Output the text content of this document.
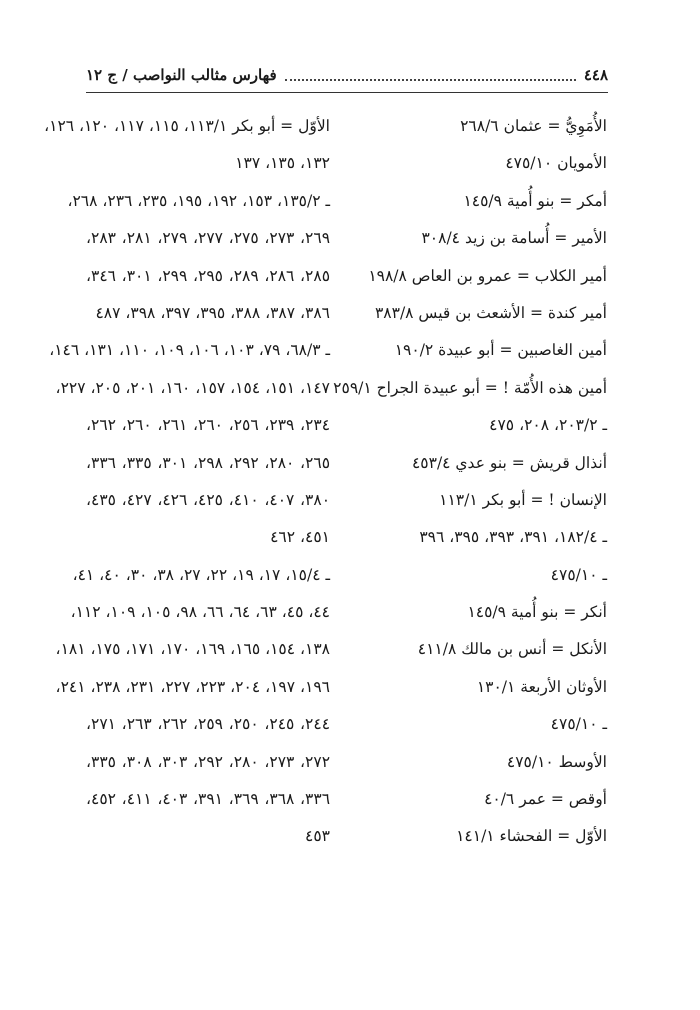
٤٤٨
فهارس مثالب النواصب / ج ١٢
الأُمَوِيُّ = عثمان ٢٦٨/٦
الأمويان ٤٧٥/١٠
أمكر = بنو أُمية ١٤٥/٩
الأمير = أُسامة بن زيد ٣٠٨/٤
أمير الكلاب = عمرو بن العاص ١٩٨/٨
أمير كندة = الأشعث بن قيس ٣٨٣/٨
أمين الغاصبين = أبو عبيدة ١٩٠/٢
أمين هذه الأُمّة ! = أبو عبيدة الجراح ٢٥٩/١
ـ ٢٠٣/٢، ٢٠٨، ٤٧٥
أنذال قريش = بنو عدي ٤٥٣/٤
الإنسان ! = أبو بكر ١١٣/١
ـ ١٨٢/٤، ٣٩١، ٣٩٣، ٣٩٥، ٣٩٦
ـ ٤٧٥/١٠
أنكر = بنو أُمية ١٤٥/٩
الأنكل = أنس بن مالك ٤١١/٨
الأوثان الأربعة ١٣٠/١
ـ ٤٧٥/١٠
الأوسط ٤٧٥/١٠
أوقص = عمر ٤٠/٦
الأوّل = الفحشاء ١٤١/١
الأوّل = أبو بكر ١١٣/١، ١١٥، ١١٧، ١٢٠، ١٢٦،
١٣٢، ١٣٥، ١٣٧
ـ ١٣٥/٢، ١٥٣، ١٩٢، ١٩٥، ٢٣٥، ٢٣٦، ٢٦٨،
٢٦٩، ٢٧٣، ٢٧٥، ٢٧٧، ٢٧٩، ٢٨١، ٢٨٣،
٢٨٥، ٢٨٦، ٢٨٩، ٢٩٥، ٢٩٩، ٣٠١، ٣٤٦،
٣٨٦، ٣٨٧، ٣٨٨، ٣٩٥، ٣٩٧، ٣٩٨، ٤٨٧
ـ ٦٨/٣، ٧٩، ١٠٣، ١٠٦، ١٠٩، ١١٠، ١٣١، ١٤٦،
١٤٧، ١٥١، ١٥٤، ١٥٧، ١٦٠، ٢٠١، ٢٠٥، ٢٢٧،
٢٣٤، ٢٣٩، ٢٥٦، ٢٦٠، ٢٦١، ٢٦٠، ٢٦٢،
٢٦٥، ٢٨٠، ٢٩٢، ٢٩٨، ٣٠١، ٣٣٥، ٣٣٦،
٣٨٠، ٤٠٧، ٤١٠، ٤٢٥، ٤٢٦، ٤٢٧، ٤٣٥،
٤٥١، ٤٦٢
ـ ١٥/٤، ١٧، ١٩، ٢٢، ٢٧، ٣٨، ٣٠، ٤٠، ٤١،
٤٤، ٤٥، ٦٣، ٦٤، ٦٦، ٩٨، ١٠٥، ١٠٩، ١١٢،
١٣٨، ١٥٤، ١٦٥، ١٦٩، ١٧٠، ١٧١، ١٧٥، ١٨١،
١٩٦، ١٩٧، ٢٠٤، ٢٢٣، ٢٢٧، ٢٣١، ٢٣٨، ٢٤١،
٢٤٤، ٢٤٥، ٢٥٠، ٢٥٩، ٢٦٢، ٢٦٣، ٢٧١،
٢٧٢، ٢٧٣، ٢٨٠، ٢٩٢، ٣٠٣، ٣٠٨، ٣٣٥،
٣٣٦، ٣٦٨، ٣٦٩، ٣٩١، ٤٠٣، ٤١١، ٤٥٢،
٤٥٣
